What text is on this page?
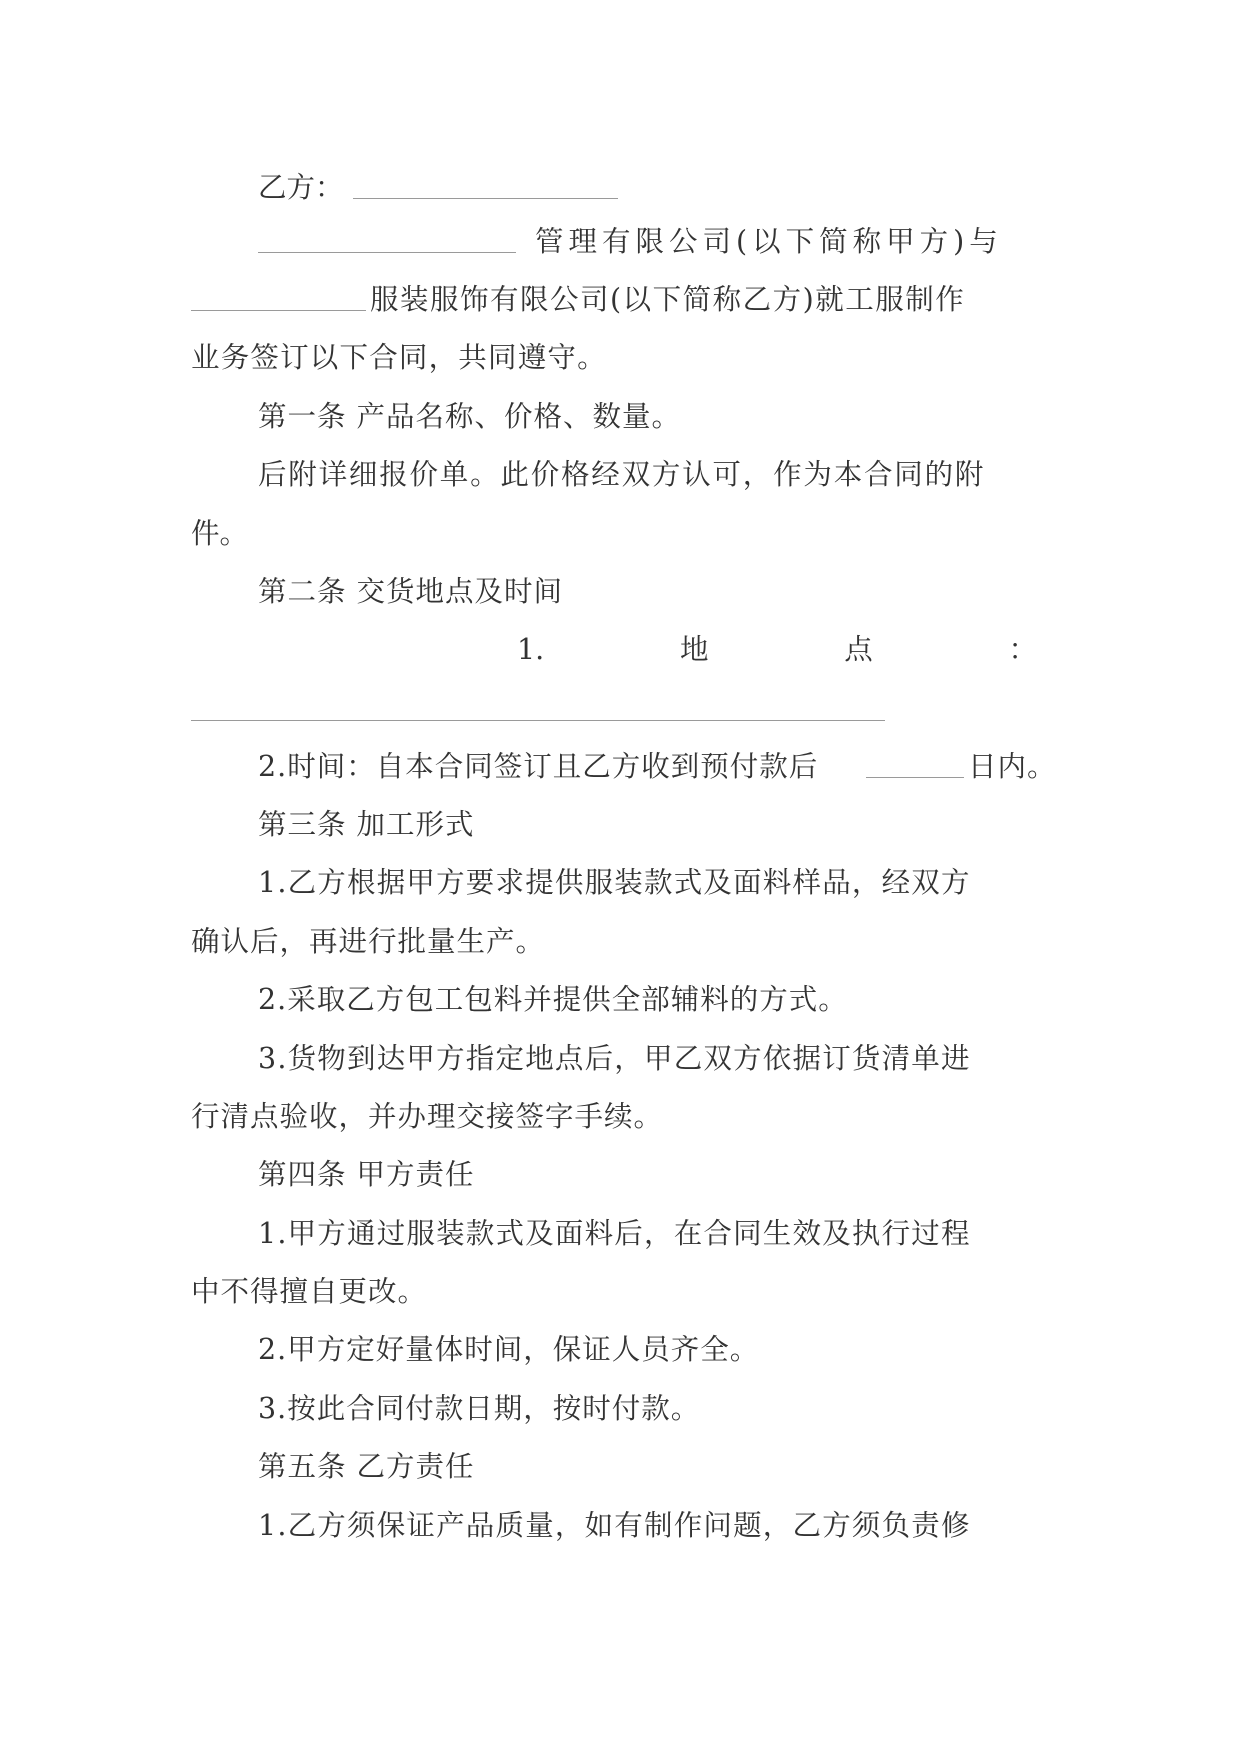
乙方：
管理有限公司(以下简称甲方)与
服装服饰有限公司(以下简称乙方)就工服制作
业务签订以下合同，共同遵守。
第一条 产品名称、价格、数量。
后附详细报价单。此价格经双方认可，作为本合同的附
件。
第二条 交货地点及时间
1.	地	点	：
2.时间：自本合同签订且乙方收到预付款后	日内。
第三条 加工形式
1.乙方根据甲方要求提供服装款式及面料样品，经双方
确认后，再进行批量生产。
2.采取乙方包工包料并提供全部辅料的方式。
3.货物到达甲方指定地点后，甲乙双方依据订货清单进
行清点验收，并办理交接签字手续。
第四条 甲方责任
1.甲方通过服装款式及面料后，在合同生效及执行过程
中不得擅自更改。
2.甲方定好量体时间，保证人员齐全。
3.按此合同付款日期，按时付款。
第五条 乙方责任
1.乙方须保证产品质量，如有制作问题，乙方须负责修
